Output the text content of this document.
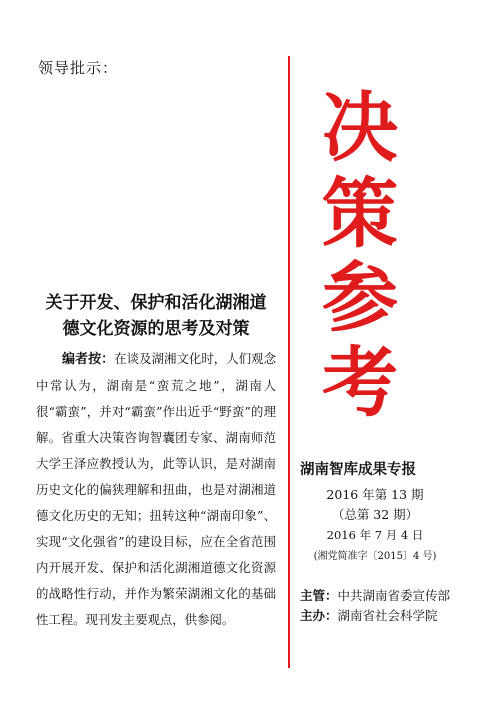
领导批示：
关于开发、保护和活化湖湘道
德文化资源的思考及对策
编者按：在谈及湖湘文化时，人们观念中常认为，湖南是“蛮荒之地”，湖南人很“霸蛮”，并对“霸蛮”作出近乎“野蛮”的理解。省重大决策咨询智囊团专家、湖南师范大学王泽应教授认为，此等认识，是对湖南历史文化的偏狭理解和扭曲，也是对湖湘道德文化历史的无知；扭转这种“湖南印象”、实现“文化强省”的建设目标，应在全省范围内开展开发、保护和活化湖湘道德文化资源的战略性行动，并作为繁荣湖湘文化的基础性工程。现刊发主要观点，供参阅。
决
策
参
考
湖南智库成果专报
2016 年第 13 期
（总第 32 期）
2016 年 7 月 4 日
(湘党简准字〔2015〕4 号)
主管：中共湖南省委宣传部
主办：湖南省社会科学院
